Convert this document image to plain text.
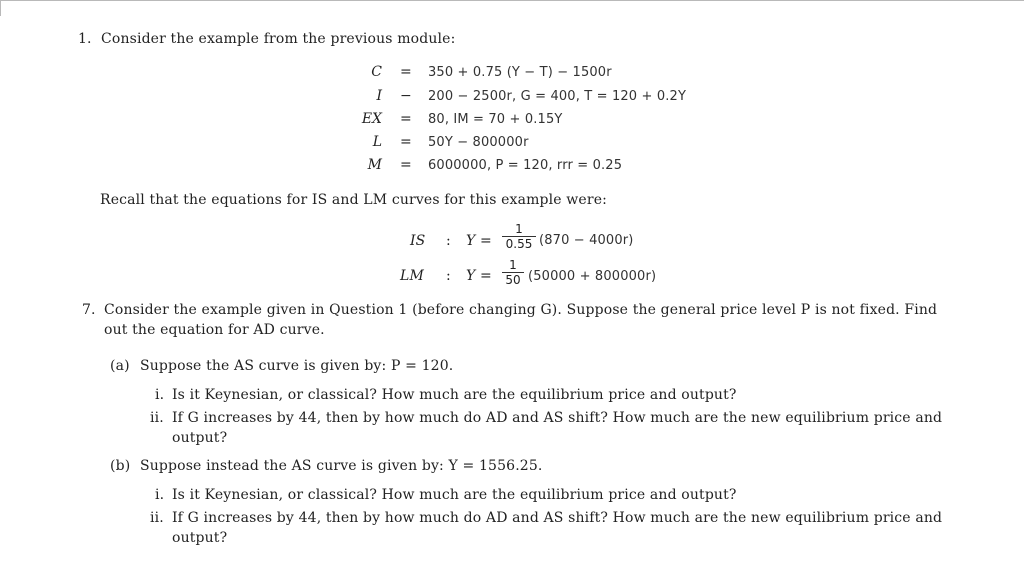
1. Consider the example from the previous module:
C = 350 + 0.75 (Y − T) − 1500r
I − 200 − 2500r, G = 400, T = 120 + 0.2Y
EX = 80, IM = 70 + 0.15Y
L = 50Y − 800000r
M = 6000000, P = 120, rrr = 0.25
Recall that the equations for IS and LM curves for this example were:
IS : $Y = \frac{1}{0.55} (870 - 4000r)$
LM : $Y = \frac{1}{50} (50000 + 800000r)$
7. Consider the example given in Question 1 (before changing G). Suppose the general price level P is not fixed. Find
out the equation for AD curve.
(a) Suppose the AS curve is given by: P = 120.
i. Is it Keynesian, or classical? How much are the equilibrium price and output?
ii. If G increases by 44, then by how much do AD and AS shift? How much are the new equilibrium price and
output?
(b) Suppose instead the AS curve is given by: Y = 1556.25.
i. Is it Keynesian, or classical? How much are the equilibrium price and output?
ii. If G increases by 44, then by how much do AD and AS shift? How much are the new equilibrium price and
output?
